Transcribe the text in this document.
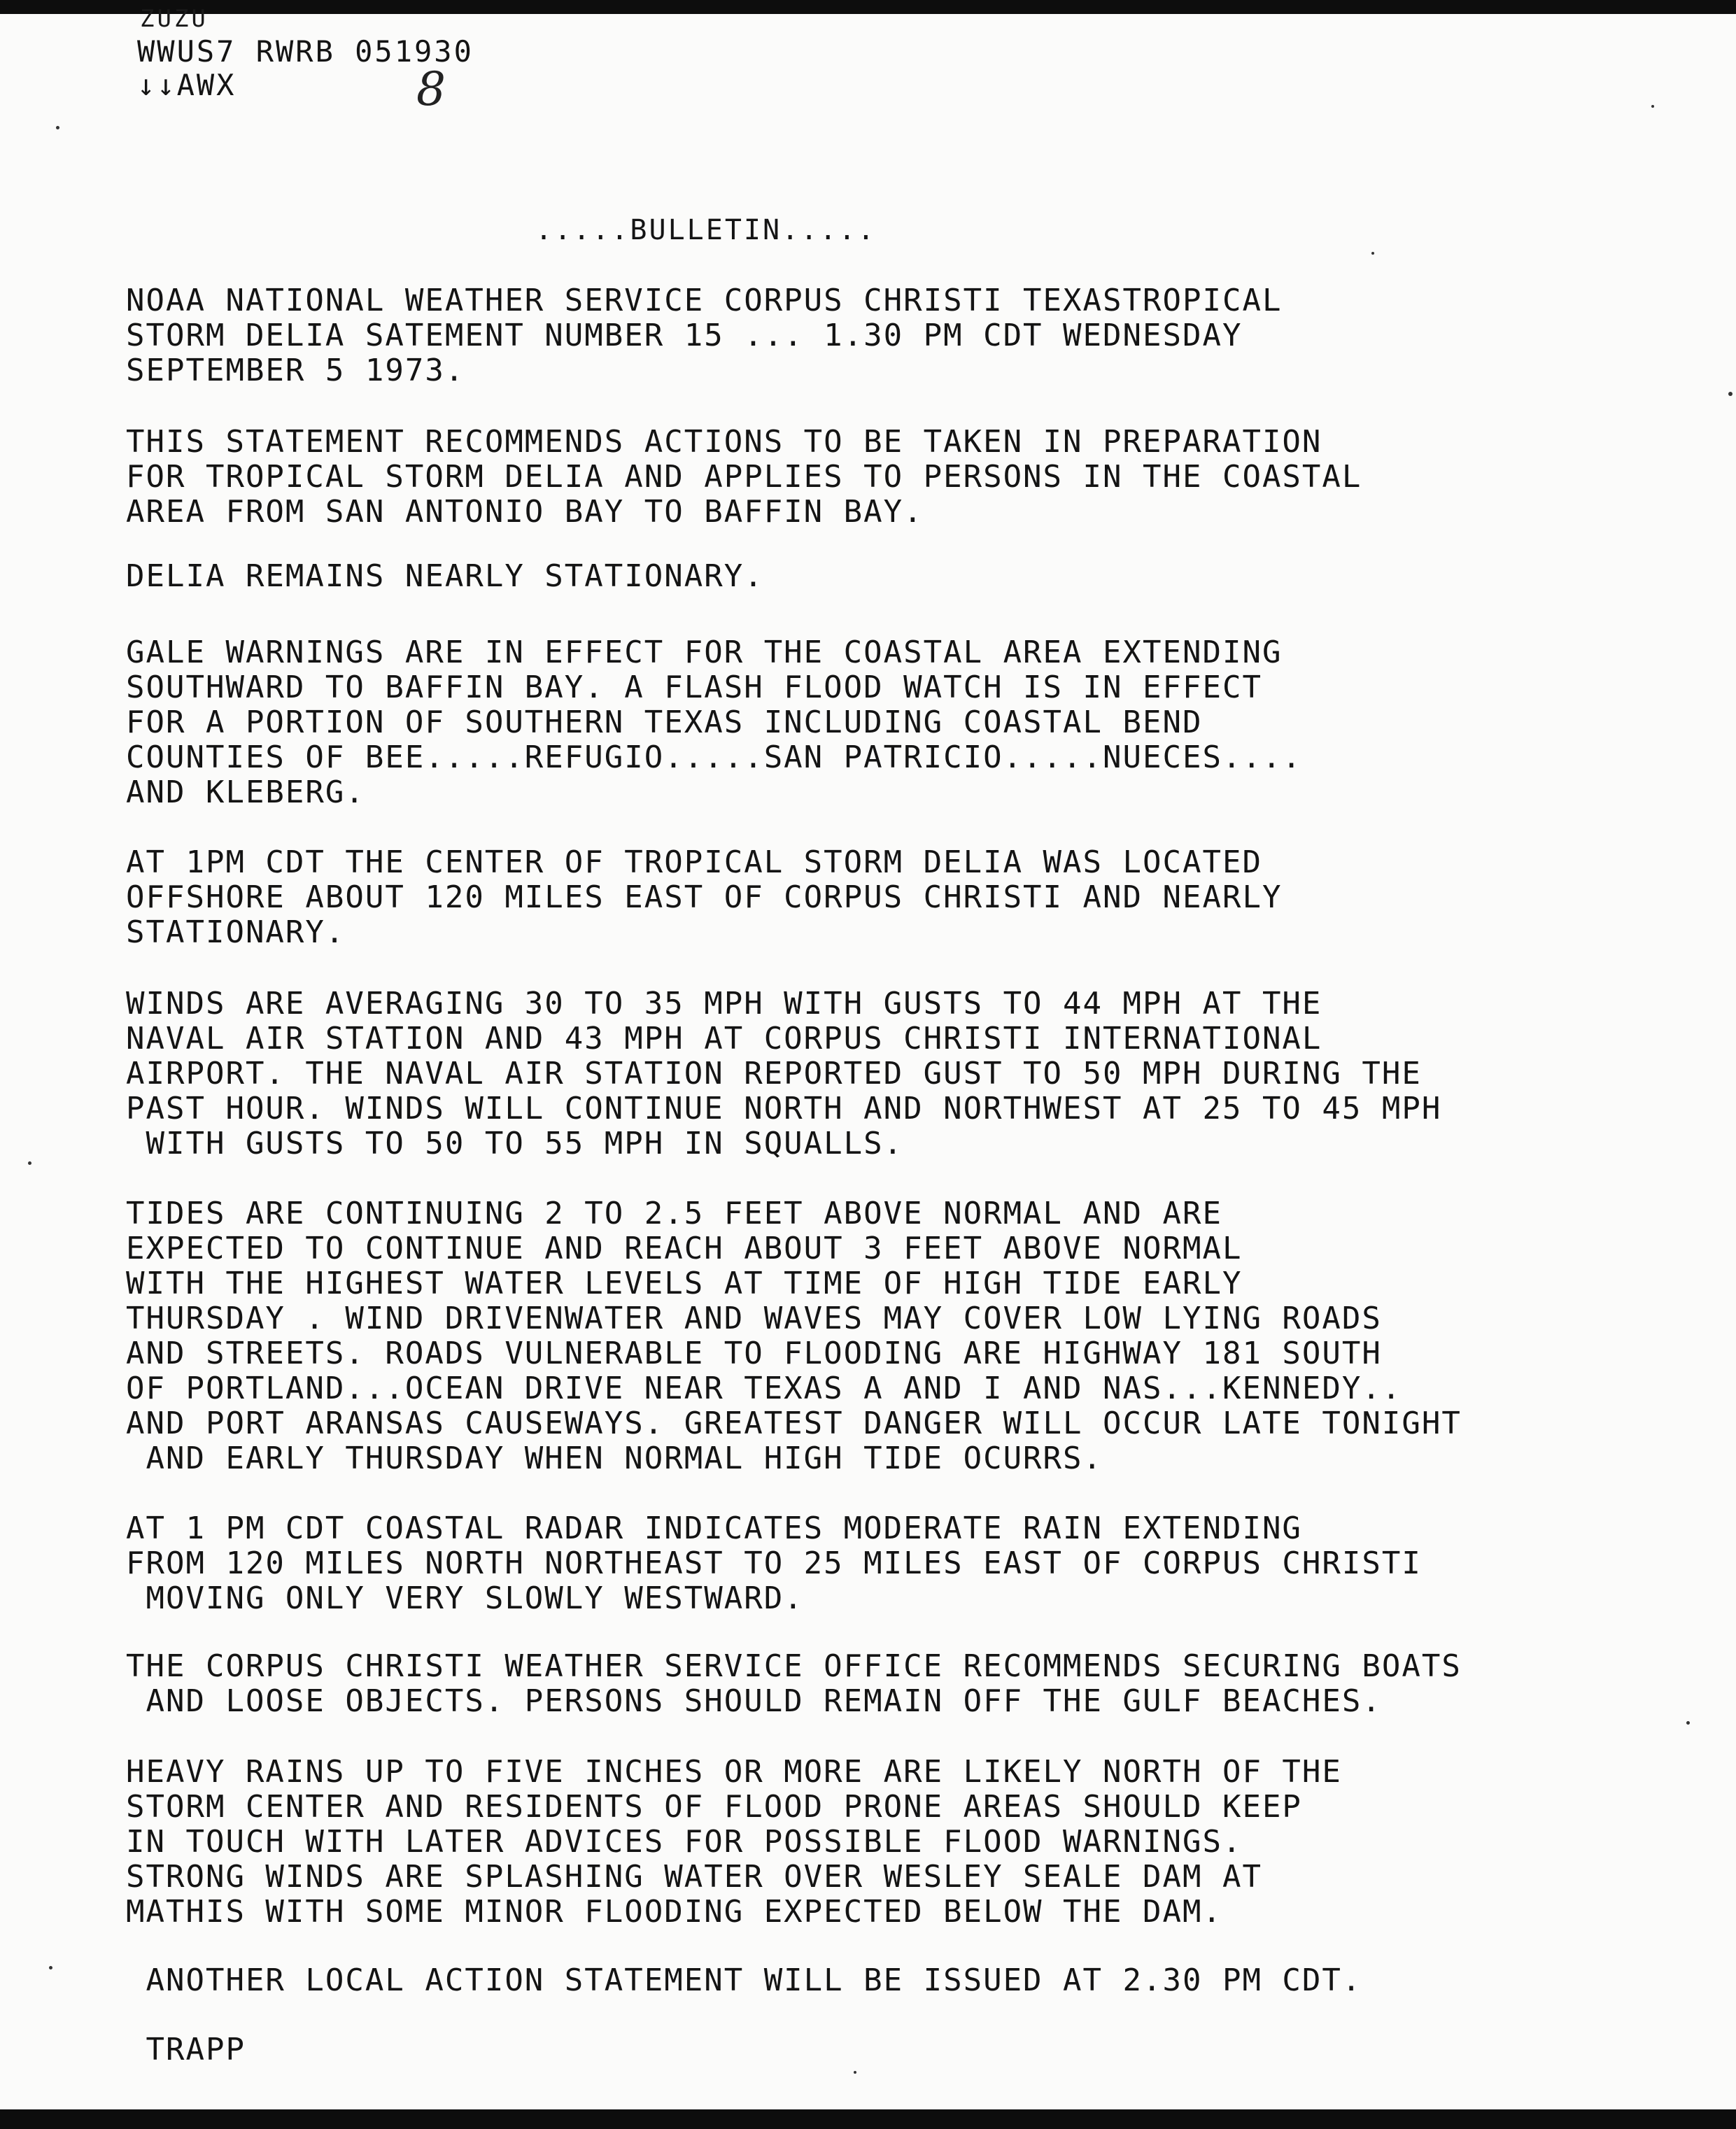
ZUZU
WWUS7 RWRB 051930
↓↓AWX	8
.....BULLETIN.....
NOAA NATIONAL WEATHER SERVICE CORPUS CHRISTI TEXASTROPICAL
STORM DELIA SATEMENT NUMBER 15 ... 1.30 PM CDT WEDNESDAY
SEPTEMBER 5 1973.
THIS STATEMENT RECOMMENDS ACTIONS TO BE TAKEN IN PREPARATION
FOR TROPICAL STORM DELIA AND APPLIES TO PERSONS IN THE COASTAL
AREA FROM SAN ANTONIO BAY TO BAFFIN BAY.
DELIA REMAINS NEARLY STATIONARY.
GALE WARNINGS ARE IN EFFECT FOR THE COASTAL AREA EXTENDING
SOUTHWARD TO BAFFIN BAY. A FLASH FLOOD WATCH IS IN EFFECT
FOR A PORTION OF SOUTHERN TEXAS INCLUDING COASTAL BEND
COUNTIES OF BEE.....REFUGIO.....SAN PATRICIO.....NUECES....
AND KLEBERG.
AT 1PM CDT THE CENTER OF TROPICAL STORM DELIA WAS LOCATED
OFFSHORE ABOUT 120 MILES EAST OF CORPUS CHRISTI AND NEARLY
STATIONARY.
WINDS ARE AVERAGING 30 TO 35 MPH WITH GUSTS TO 44 MPH AT THE
NAVAL AIR STATION AND 43 MPH AT CORPUS CHRISTI INTERNATIONAL
AIRPORT. THE NAVAL AIR STATION REPORTED GUST TO 50 MPH DURING THE
PAST HOUR. WINDS WILL CONTINUE NORTH AND NORTHWEST AT 25 TO 45 MPH
WITH GUSTS TO 50 TO 55 MPH IN SQUALLS.
TIDES ARE CONTINUING 2 TO 2.5 FEET ABOVE NORMAL AND ARE
EXPECTED TO CONTINUE AND REACH ABOUT 3 FEET ABOVE NORMAL
WITH THE HIGHEST WATER LEVELS AT TIME OF HIGH TIDE EARLY
THURSDAY . WIND DRIVENWATER AND WAVES MAY COVER LOW LYING ROADS
AND STREETS. ROADS VULNERABLE TO FLOODING ARE HIGHWAY 181 SOUTH
OF PORTLAND...OCEAN DRIVE NEAR TEXAS A AND I AND NAS...KENNEDY..
AND PORT ARANSAS CAUSEWAYS. GREATEST DANGER WILL OCCUR LATE TONIGHT
AND EARLY THURSDAY WHEN NORMAL HIGH TIDE OCURRS.
AT 1 PM CDT COASTAL RADAR INDICATES MODERATE RAIN EXTENDING
FROM 120 MILES NORTH NORTHEAST TO 25 MILES EAST OF CORPUS CHRISTI
MOVING ONLY VERY SLOWLY WESTWARD.
THE CORPUS CHRISTI WEATHER SERVICE OFFICE RECOMMENDS SECURING BOATS
AND LOOSE OBJECTS. PERSONS SHOULD REMAIN OFF THE GULF BEACHES.
HEAVY RAINS UP TO FIVE INCHES OR MORE ARE LIKELY NORTH OF THE
STORM CENTER AND RESIDENTS OF FLOOD PRONE AREAS SHOULD KEEP
IN TOUCH WITH LATER ADVICES FOR POSSIBLE FLOOD WARNINGS.
STRONG WINDS ARE SPLASHING WATER OVER WESLEY SEALE DAM AT
MATHIS WITH SOME MINOR FLOODING EXPECTED BELOW THE DAM.
ANOTHER LOCAL ACTION STATEMENT WILL BE ISSUED AT 2.30 PM CDT.
TRAPP
